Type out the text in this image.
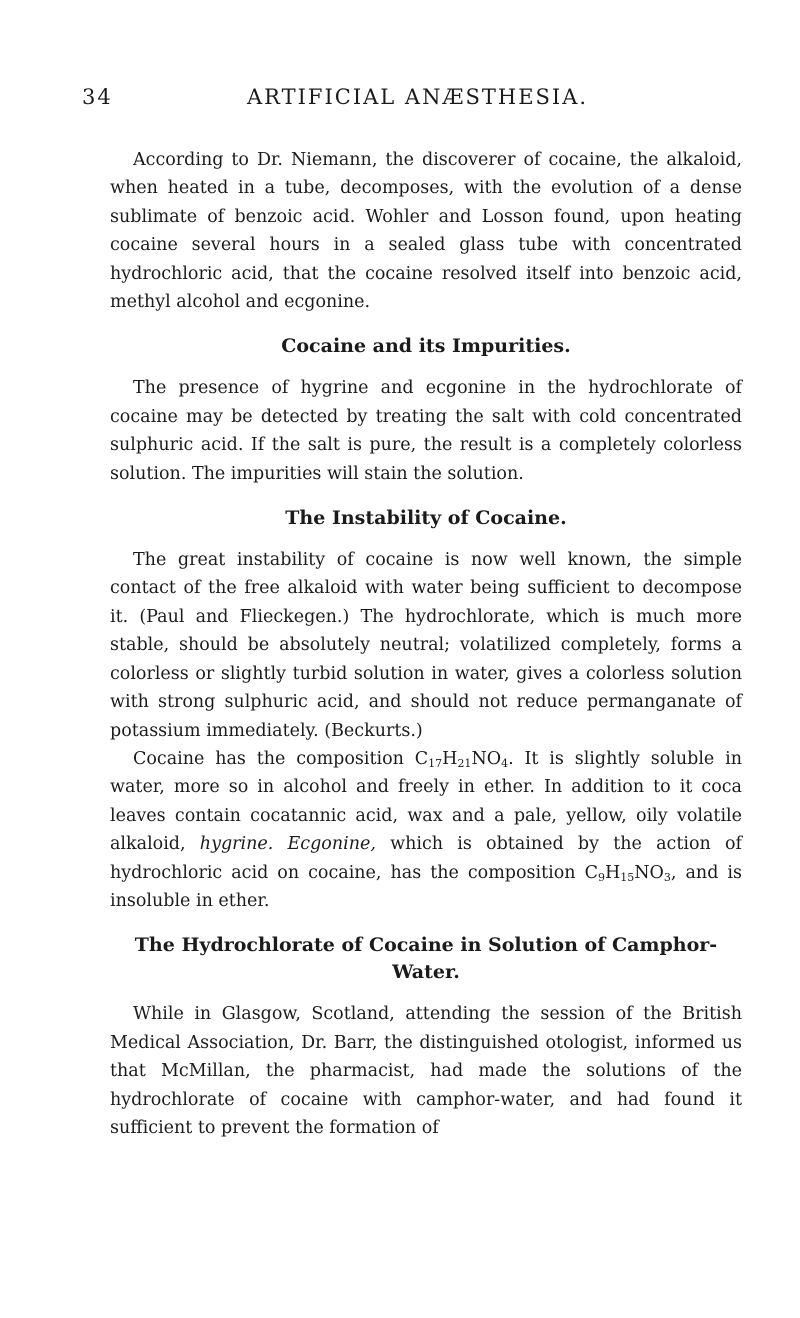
34	ARTIFICIAL ANÆSTHESIA.

According to Dr. Niemann, the discoverer of cocaine, the alkaloid, when heated in a tube, decomposes, with the evolution of a dense sublimate of benzoic acid. Wohler and Losson found, upon heating cocaine several hours in a sealed glass tube with concentrated hydrochloric acid, that the cocaine resolved itself into benzoic acid, methyl alcohol and ecgonine.

Cocaine and its Impurities.

The presence of hygrine and ecgonine in the hydrochlorate of cocaine may be detected by treating the salt with cold concentrated sulphuric acid. If the salt is pure, the result is a completely colorless solution. The impurities will stain the solution.

The Instability of Cocaine.

The great instability of cocaine is now well known, the simple contact of the free alkaloid with water being sufficient to decompose it. (Paul and Flieckegen.) The hydrochlorate, which is much more stable, should be absolutely neutral; volatilized completely, forms a colorless or slightly turbid solution in water, gives a colorless solution with strong sulphuric acid, and should not reduce permanganate of potassium immediately. (Beckurts.)

Cocaine has the composition $C_{17}H_{21}NO_4$. It is slightly soluble in water, more so in alcohol and freely in ether. In addition to it coca leaves contain cocatannic acid, wax and a pale, yellow, oily volatile alkaloid, hygrine. Ecgonine, which is obtained by the action of hydrochloric acid on cocaine, has the composition $C_9H_{15}NO_3$, and is insoluble in ether.

The Hydrochlorate of Cocaine in Solution of Camphor-Water.

While in Glasgow, Scotland, attending the session of the British Medical Association, Dr. Barr, the distinguished otologist, informed us that McMillan, the pharmacist, had made the solutions of the hydrochlorate of cocaine with camphor-water, and had found it sufficient to prevent the formation of
